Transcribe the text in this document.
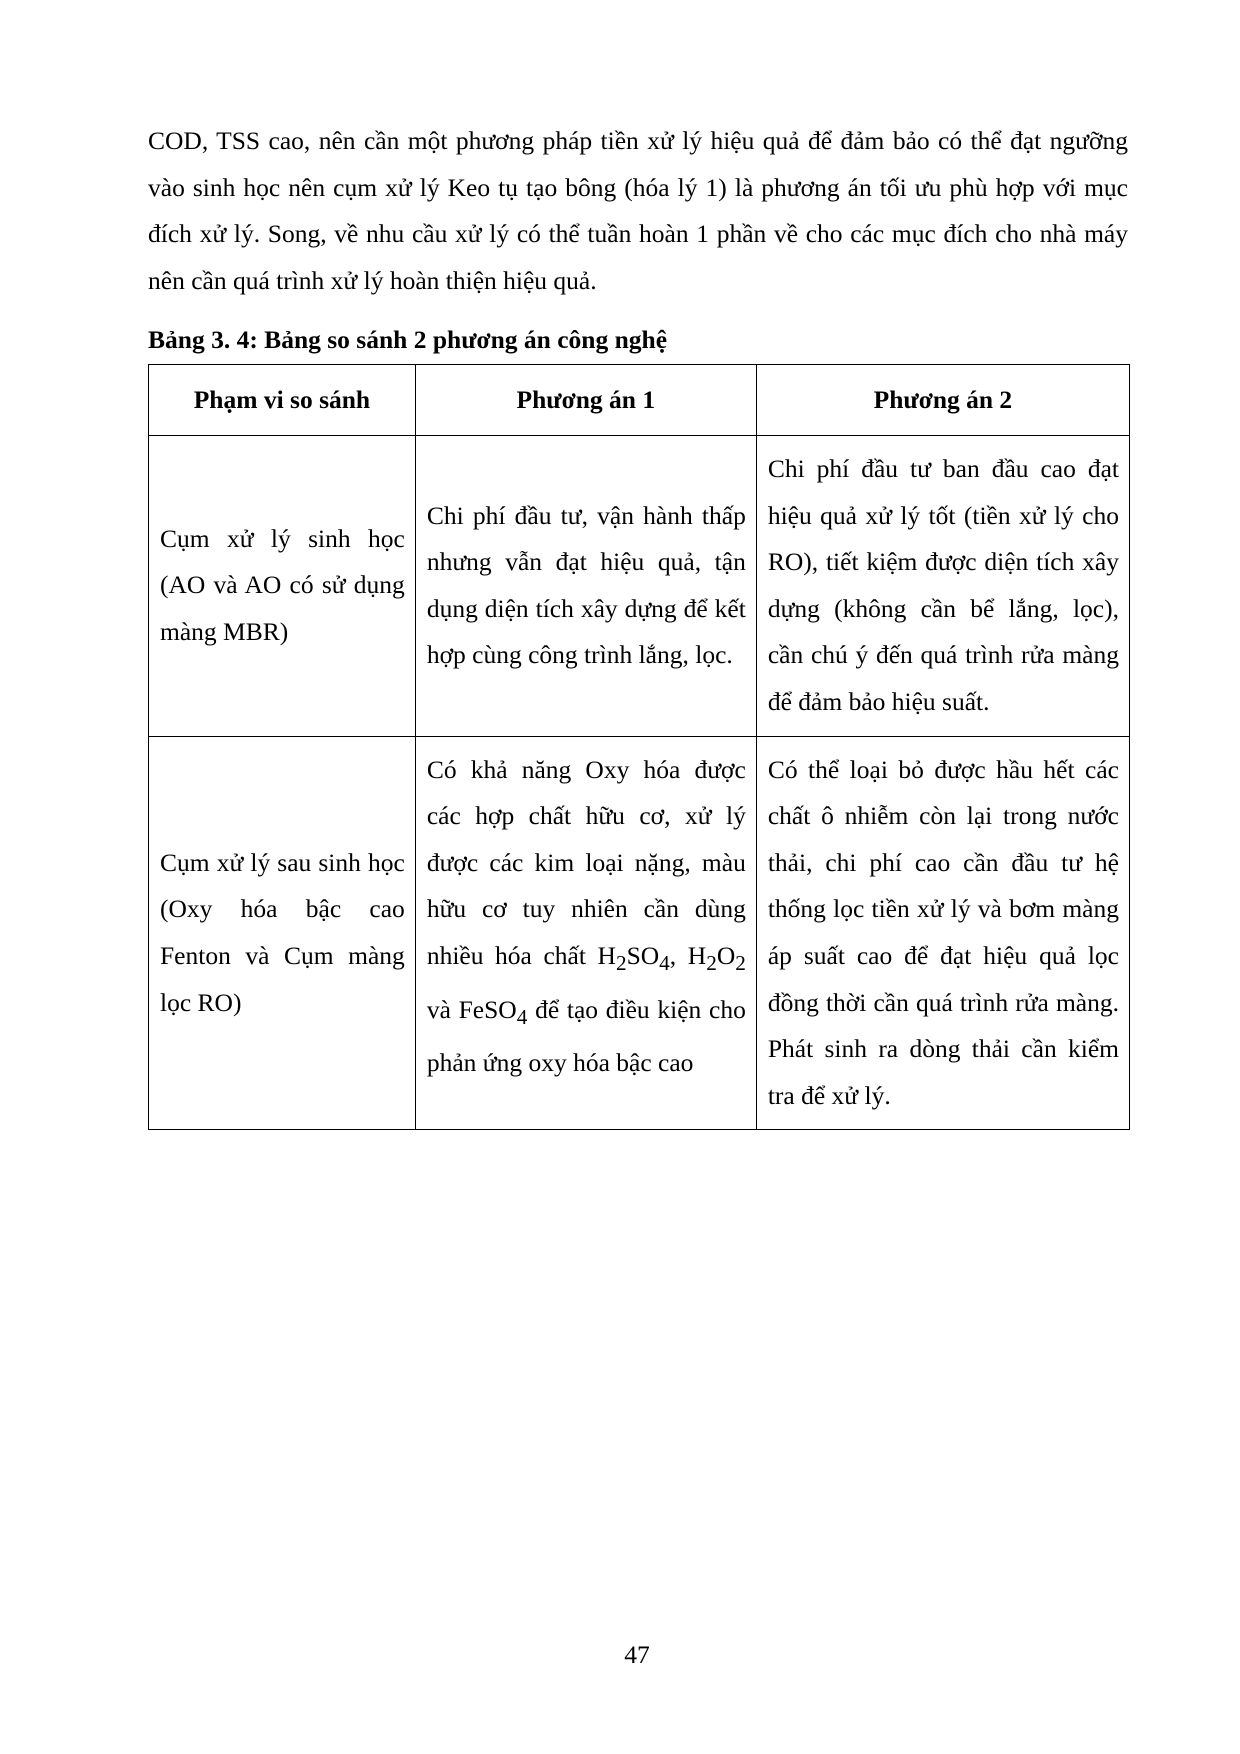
COD, TSS cao, nên cần một phương pháp tiền xử lý hiệu quả để đảm bảo có thể đạt ngưỡng vào sinh học nên cụm xử lý Keo tụ tạo bông (hóa lý 1) là phương án tối ưu phù hợp với mục đích xử lý. Song, về nhu cầu xử lý có thể tuần hoàn 1 phần về cho các mục đích cho nhà máy nên cần quá trình xử lý hoàn thiện hiệu quả.

Bảng 3. 4: Bảng so sánh 2 phương án công nghệ

Phạm vi so sánh	Phương án 1	Phương án 2
Cụm xử lý sinh học (AO và AO có sử dụng màng MBR)	Chi phí đầu tư, vận hành thấp nhưng vẫn đạt hiệu quả, tận dụng diện tích xây dựng để kết hợp cùng công trình lắng, lọc.	Chi phí đầu tư ban đầu cao đạt hiệu quả xử lý tốt (tiền xử lý cho RO), tiết kiệm được diện tích xây dựng (không cần bể lắng, lọc), cần chú ý đến quá trình rửa màng để đảm bảo hiệu suất.
Cụm xử lý sau sinh học (Oxy hóa bậc cao Fenton và Cụm màng lọc RO)	Có khả năng Oxy hóa được các hợp chất hữu cơ, xử lý được các kim loại nặng, màu hữu cơ tuy nhiên cần dùng nhiều hóa chất $H_2SO_4$, $H_2O_2$ và FeSO$_4$ để tạo điều kiện cho phản ứng oxy hóa bậc cao	Có thể loại bỏ được hầu hết các chất ô nhiễm còn lại trong nước thải, chi phí cao cần đầu tư hệ thống lọc tiền xử lý và bơm màng áp suất cao để đạt hiệu quả lọc đồng thời cần quá trình rửa màng. Phát sinh ra dòng thải cần kiểm tra để xử lý.

47
